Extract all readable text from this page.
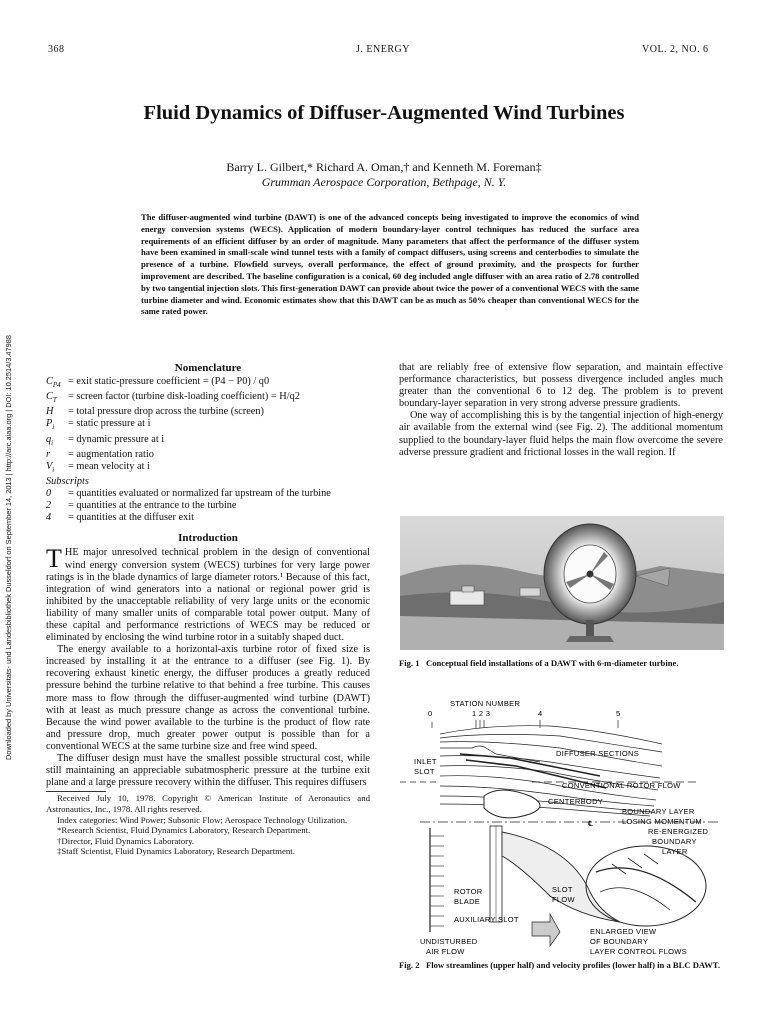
368	J. ENERGY	VOL. 2, NO. 6
Fluid Dynamics of Diffuser-Augmented Wind Turbines
Barry L. Gilbert,* Richard A. Oman,† and Kenneth M. Foreman‡
Grumman Aerospace Corporation, Bethpage, N. Y.
The diffuser-augmented wind turbine (DAWT) is one of the advanced concepts being investigated to improve the economics of wind energy conversion systems (WECS). Application of modern boundary-layer control techniques has reduced the surface area requirements of an efficient diffuser by an order of magnitude. Many parameters that affect the performance of the diffuser system have been examined in small-scale wind tunnel tests with a family of compact diffusers, using screens and centerbodies to simulate the presence of a turbine. Flowfield surveys, overall performance, the effect of ground proximity, and the prospects for further improvement are described. The baseline configuration is a conical, 60 deg included angle diffuser with an area ratio of 2.78 controlled by two tangential injection slots. This first-generation DAWT can provide about twice the power of a conventional WECS with the same turbine diameter and wind. Economic estimates show that this DAWT can be as much as 50% cheaper than conventional WECS for the same rated power.
Downloaded by Universitats- und Landesbibliothek Dusseldorf on September 14, 2013 | http://arc.aiaa.org | DOI: 10.2514/3.47988	Nomenclature
$C_{P4}$ = exit static-pressure coefficient = (P4 − P0) / q0
$C_T$	= screen factor (turbine disk-loading coefficient) = H/q2
H	= total pressure drop across the turbine (screen)
$P_i$	= static pressure at i
$q_i$	= dynamic pressure at i
r	= augmentation ratio
$V_i$	= mean velocity at i
Subscripts
0	= quantities evaluated or normalized far upstream of the turbine
2	= quantities at the entrance to the turbine
4	= quantities at the diffuser exit
Introduction

THE major unresolved technical problem in the design of conventional wind energy conversion system (WECS) turbines for very large power ratings is in the blade dynamics of large diameter rotors.¹ Because of this fact, integration of wind generators into a national or regional power grid is inhibited by the unacceptable reliability of very large units or the economic liability of many smaller units of comparable total power output. Many of these capital and performance restrictions of WECS may be reduced or eliminated by enclosing the wind turbine rotor in a suitably shaped duct.

The energy available to a horizontal-axis turbine rotor of fixed size is increased by installing it at the entrance to a diffuser (see Fig. 1). By recovering exhaust kinetic energy, the diffuser produces a greatly reduced pressure behind the turbine relative to that behind a free turbine. This causes more mass to flow through the diffuser-augmented wind turbine (DAWT) with at least as much pressure change as across the conventional turbine. Because the wind power available to the turbine is the product of flow rate and pressure drop, much greater power output is possible than for a conventional WECS at the same turbine size and free wind speed.

The diffuser design must have the smallest possible structural cost, while still maintaining an appreciable subatmospheric pressure at the turbine exit plane and a large pressure recovery within the diffuser. This requires diffusers

Received July 10, 1978. Copyright © American Institute of Aeronautics and Astronautics, Inc., 1978. All rights reserved.

Index categories: Wind Power; Subsonic Flow; Aerospace Technology Utilization.

*Research Scientist, Fluid Dynamics Laboratory, Research Department.

†Director, Fluid Dynamics Laboratory.

‡Staff Scientist, Fluid Dynamics Laboratory, Research Department.

that are reliably free of extensive flow separation, and maintain effective performance characteristics, but possess divergence included angles much greater than the conventional 6 to 12 deg. The problem is to prevent boundary-layer separation in very strong adverse pressure gradients.

One way of accomplishing this is by the tangential injection of high-energy air available from the external wind (see Fig. 2). The additional momentum supplied to the boundary-layer fluid helps the main flow overcome the severe adverse pressure gradient and frictional losses in the wall region. If

Fig. 1 Conceptual field installations of a DAWT with 6-m-diameter turbine.
STATION NUMBER
0	1 2 3	4	5
INLET
SLOT
DIFFUSER SECTIONS
CONVENTIONAL ROTOR FLOW
CENTERBODY
BOUNDARY LAYER
LOSING MOMENTUM
℄
RE-ENERGIZED
BOUNDARY
LAYER
ROTOR
BLADE
SLOT
FLOW
AUXILIARY SLOT
UNDISTURBED
AIR FLOW
ENLARGED VIEW
OF BOUNDARY
LAYER CONTROL FLOWS
Fig. 2 Flow streamlines (upper half) and velocity profiles (lower half) in a BLC DAWT.
